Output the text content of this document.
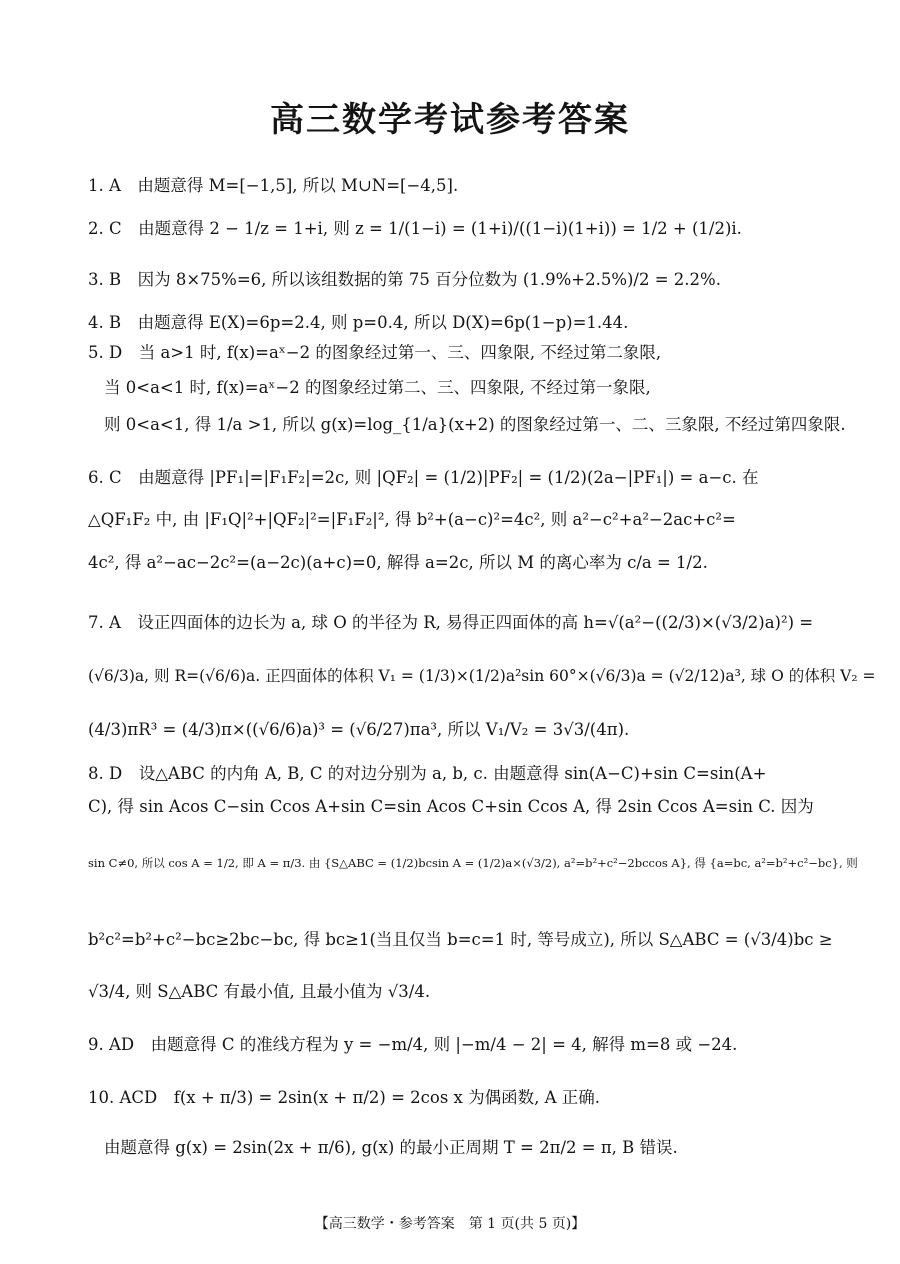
高三数学考试参考答案
1. A　由题意得 M=[−1,5], 所以 M∪N=[−4,5].
2. C　由题意得 2 − 1/z = 1+i, 则 z = 1/(1−i) = (1+i)/((1−i)(1+i)) = 1/2 + (1/2)i.
3. B　因为 8×75%=6, 所以该组数据的第 75 百分位数为 (1.9%+2.5%)/2 = 2.2%.
4. B　由题意得 E(X)=6p=2.4, 则 p=0.4, 所以 D(X)=6p(1−p)=1.44.
5. D　当 a>1 时, f(x)=aˣ−2 的图象经过第一、三、四象限, 不经过第二象限,
当 0<a<1 时, f(x)=aˣ−2 的图象经过第二、三、四象限, 不经过第一象限,
则 0<a<1, 得 1/a >1, 所以 g(x)=log_{1/a}(x+2) 的图象经过第一、二、三象限, 不经过第四象限.
6. C　由题意得 |PF₁|=|F₁F₂|=2c, 则 |QF₂| = (1/2)|PF₂| = (1/2)(2a−|PF₁|) = a−c. 在
△QF₁F₂ 中, 由 |F₁Q|²+|QF₂|²=|F₁F₂|², 得 b²+(a−c)²=4c², 则 a²−c²+a²−2ac+c²=
4c², 得 a²−ac−2c²=(a−2c)(a+c)=0, 解得 a=2c, 所以 M 的离心率为 c/a = 1/2.
7. A　设正四面体的边长为 a, 球 O 的半径为 R, 易得正四面体的高 h=√(a²−((2/3)×(√3/2)a)²) =
(√6/3)a, 则 R=(√6/6)a. 正四面体的体积 V₁ = (1/3)×(1/2)a²sin 60°×(√6/3)a = (√2/12)a³, 球 O 的体积 V₂ =
(4/3)πR³ = (4/3)π×((√6/6)a)³ = (√6/27)πa³, 所以 V₁/V₂ = 3√3/(4π).
8. D　设△ABC 的内角 A, B, C 的对边分别为 a, b, c. 由题意得 sin(A−C)+sin C=sin(A+
C), 得 sin Acos C−sin Ccos A+sin C=sin Acos C+sin Ccos A, 得 2sin Ccos A=sin C. 因为
sin C≠0, 所以 cos A = 1/2, 即 A = π/3. 由 {S△ABC = (1/2)bcsin A = (1/2)a×(√3/2), a²=b²+c²−2bccos A}, 得 {a=bc, a²=b²+c²−bc}, 则
b²c²=b²+c²−bc≥2bc−bc, 得 bc≥1(当且仅当 b=c=1 时, 等号成立), 所以 S△ABC = (√3/4)bc ≥
√3/4, 则 S△ABC 有最小值, 且最小值为 √3/4.
9. AD　由题意得 C 的准线方程为 y = −m/4, 则 |−m/4 − 2| = 4, 解得 m=8 或 −24.
10. ACD　f(x + π/3) = 2sin(x + π/2) = 2cos x 为偶函数, A 正确.
由题意得 g(x) = 2sin(2x + π/6), g(x) 的最小正周期 T = 2π/2 = π, B 错误.
【高三数学・参考答案　第 1 页(共 5 页)】
